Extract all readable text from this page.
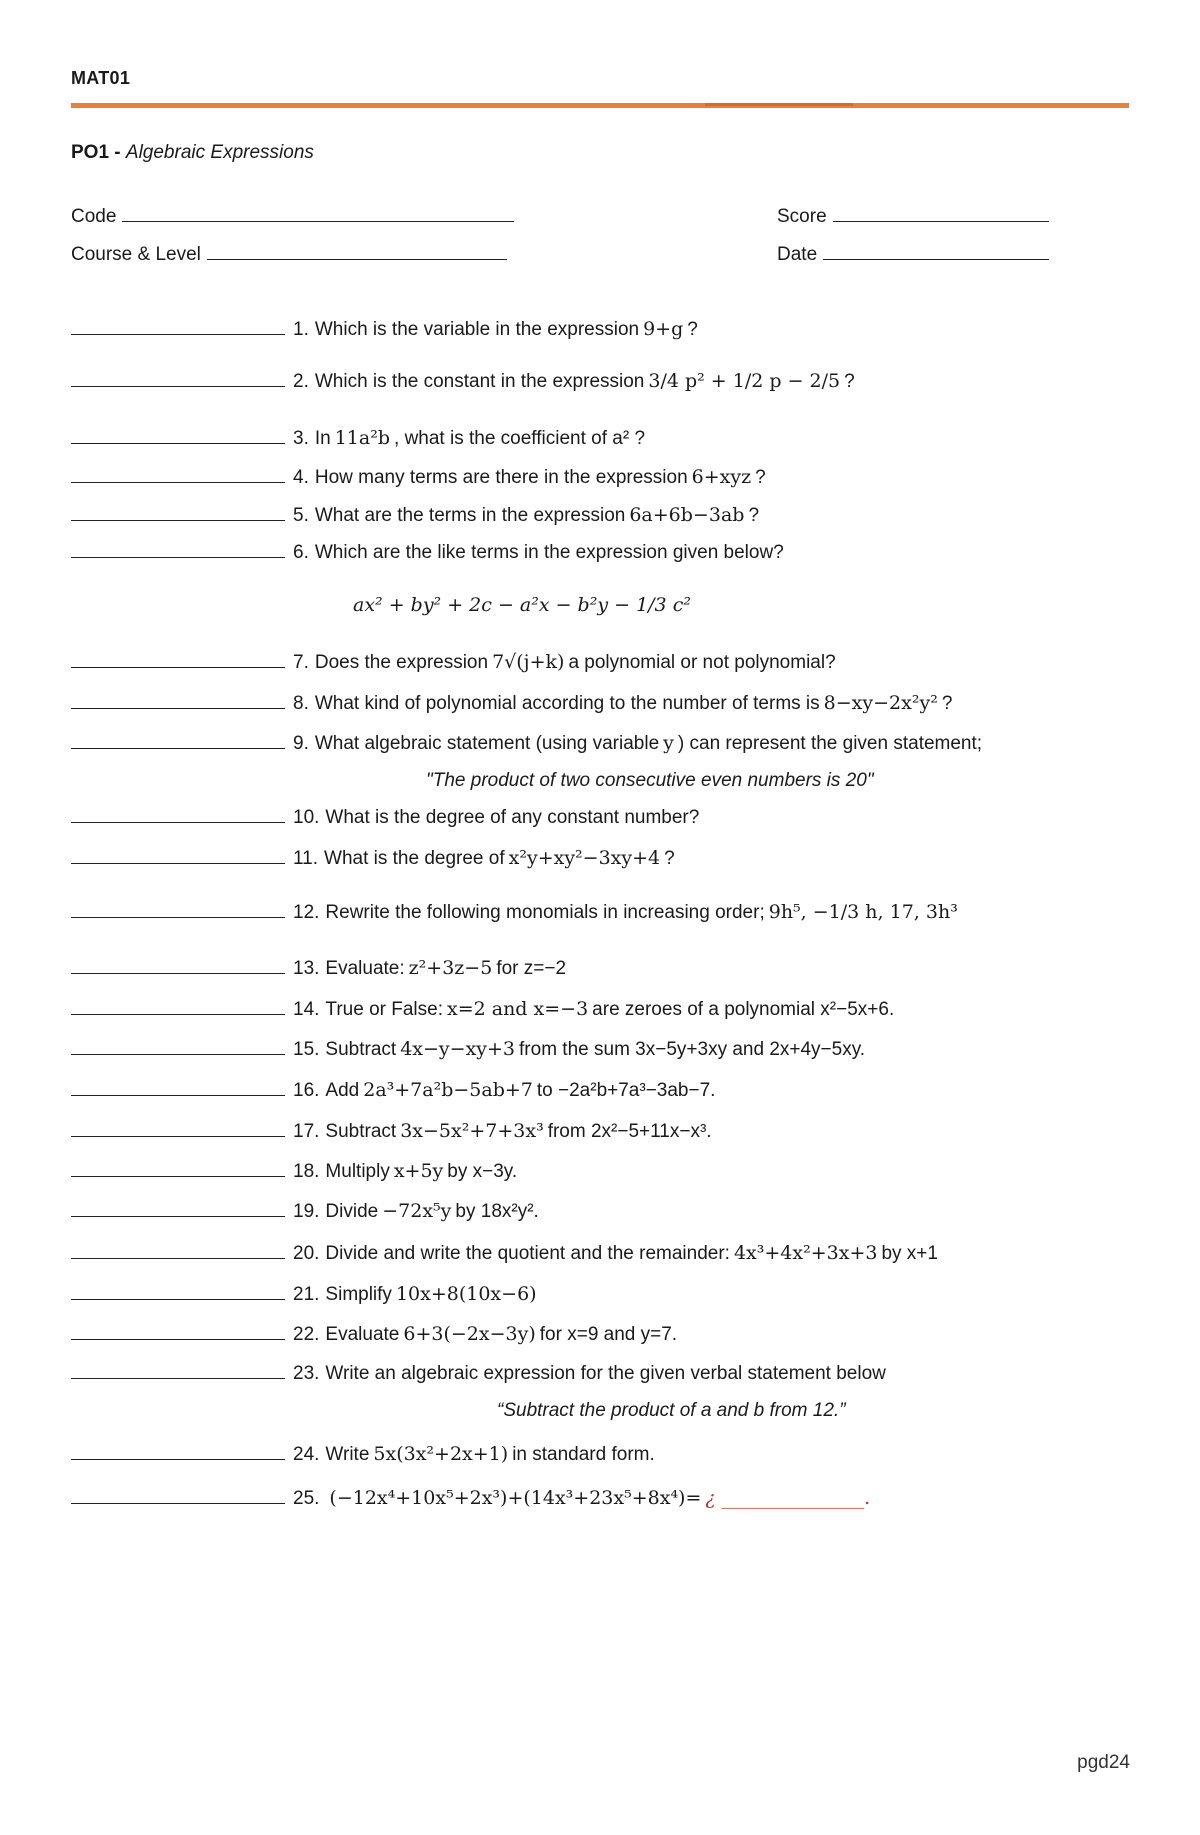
MAT01
PO1 - Algebraic Expressions
Code	Score
Course & Level	Date
1. Which is the variable in the expression 9+g ?
2. Which is the constant in the expression 3/4 p² + 1/2 p − 2/5 ?
3. In 11a²b , what is the coefficient of a² ?
4. How many terms are there in the expression 6+xyz ?
5. What are the terms in the expression 6a+6b−3ab ?
6. Which are the like terms in the expression given below?
ax² + by² + 2c − a²x − b²y − 1/3 c²
7. Does the expression 7√(j+k) a polynomial or not polynomial?
8. What kind of polynomial according to the number of terms is 8−xy−2x²y² ?
9. What algebraic statement (using variable y ) can represent the given statement;
"The product of two consecutive even numbers is 20"
10. What is the degree of any constant number?
11. What is the degree of x²y+xy²−3xy+4 ?
12. Rewrite the following monomials in increasing order; 9h⁵, −1/3 h, 17, 3h³
13. Evaluate: z²+3z−5 for z=−2
14. True or False: x=2 and x=−3 are zeroes of a polynomial x²−5x+6.
15. Subtract 4x−y−xy+3 from the sum 3x−5y+3xy and 2x+4y−5xy.
16. Add 2a³+7a²b−5ab+7 to −2a²b+7a³−3ab−7.
17. Subtract 3x−5x²+7+3x³ from 2x²−5+11x−x³.
18. Multiply x+5y by x−3y.
19. Divide −72x⁵y by 18x²y².
20. Divide and write the quotient and the remainder: 4x³+4x²+3x+3 by x+1
21. Simplify 10x+8(10x−6)
22. Evaluate 6+3(−2x−3y) for x=9 and y=7.
23. Write an algebraic expression for the given verbal statement below
“Subtract the product of a and b from 12.”
24. Write 5x(3x²+2x+1) in standard form.
25. (−12x⁴+10x⁵+2x³)+(14x³+23x⁵+8x⁴)= ¿ _______________.
pgd24
